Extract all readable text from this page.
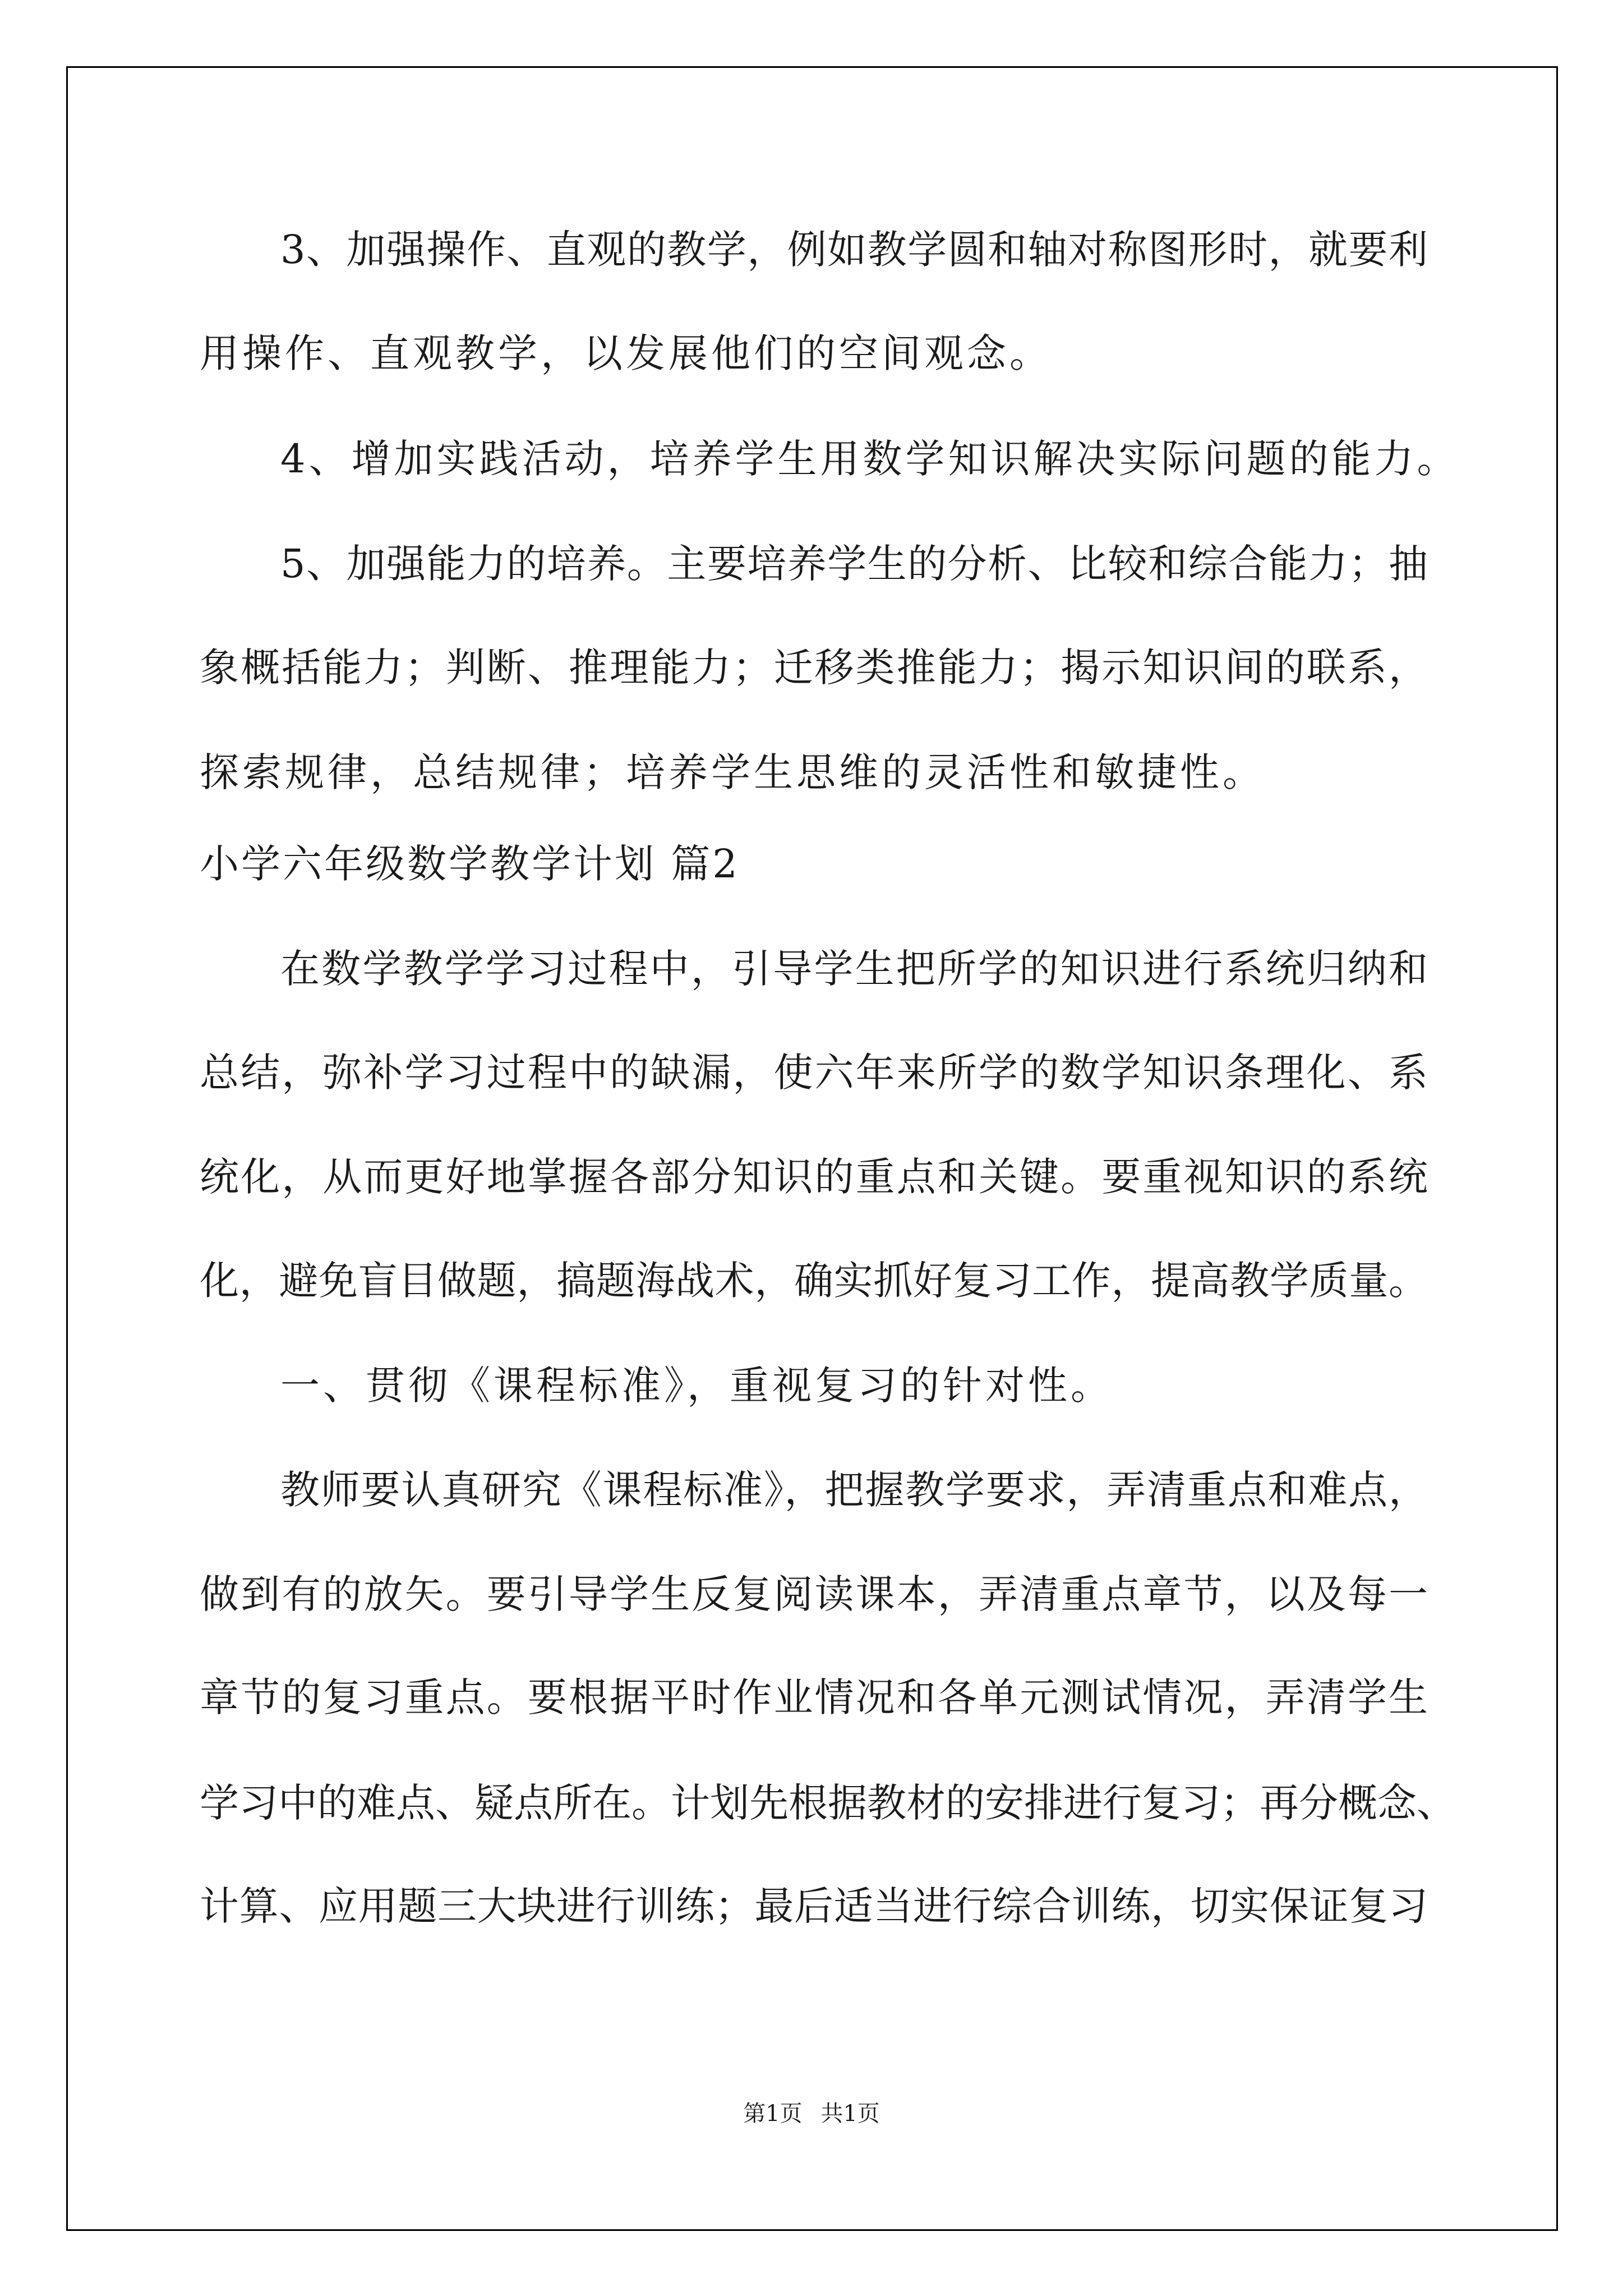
3、加强操作、直观的教学，例如教学圆和轴对称图形时，就要利
用操作、直观教学，以发展他们的空间观念。
4、增加实践活动，培养学生用数学知识解决实际问题的能力。
5、加强能力的培养。主要培养学生的分析、比较和综合能力；抽
象概括能力；判断、推理能力；迁移类推能力；揭示知识间的联系，
探索规律，总结规律；培养学生思维的灵活性和敏捷性。
小学六年级数学教学计划 篇2
在数学教学学习过程中，引导学生把所学的知识进行系统归纳和
总结，弥补学习过程中的缺漏，使六年来所学的数学知识条理化、系
统化，从而更好地掌握各部分知识的重点和关键。要重视知识的系统
化，避免盲目做题，搞题海战术，确实抓好复习工作，提高教学质量。
一、贯彻《课程标准》，重视复习的针对性。
教师要认真研究《课程标准》，把握教学要求，弄清重点和难点，
做到有的放矢。要引导学生反复阅读课本，弄清重点章节，以及每一
章节的复习重点。要根据平时作业情况和各单元测试情况，弄清学生
学习中的难点、疑点所在。计划先根据教材的安排进行复习；再分概念、
计算、应用题三大块进行训练；最后适当进行综合训练，切实保证复习
第1页 共1页
